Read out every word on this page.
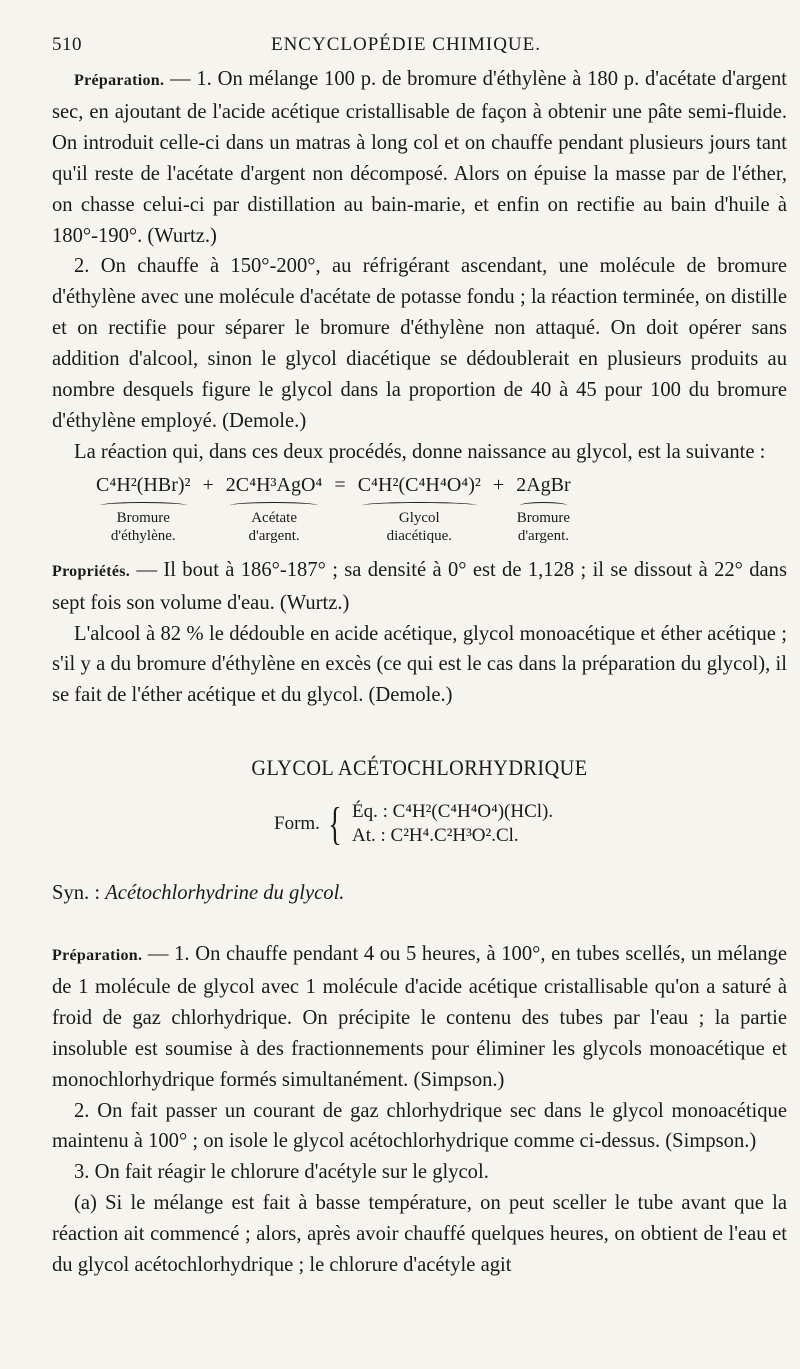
510	ENCYCLOPÉDIE CHIMIQUE.

Préparation. — 1. On mélange 100 p. de bromure d'éthylène à 180 p. d'acétate d'argent sec, en ajoutant de l'acide acétique cristallisable de façon à obtenir une pâte semi-fluide. On introduit celle-ci dans un matras à long col et on chauffe pendant plusieurs jours tant qu'il reste de l'acétate d'argent non décomposé. Alors on épuise la masse par de l'éther, on chasse celui-ci par distillation au bain-marie, et enfin on rectifie au bain d'huile à 180°-190°. (Wurtz.)

2. On chauffe à 150°-200°, au réfrigérant ascendant, une molécule de bromure d'éthylène avec une molécule d'acétate de potasse fondu ; la réaction terminée, on distille et on rectifie pour séparer le bromure d'éthylène non attaqué. On doit opérer sans addition d'alcool, sinon le glycol diacétique se dédoublerait en plusieurs produits au nombre desquels figure le glycol dans la proportion de 40 à 45 pour 100 du bromure d'éthylène employé. (Demole.)

La réaction qui, dans ces deux procédés, donne naissance au glycol, est la suivante :

C⁴H²(HBr)²
Bromure
d'éthylène.
+ 2C⁴H³AgO⁴
Acétate
d'argent.
= C⁴H²(C⁴H⁴O⁴)²
Glycol
diacétique.
+ 2AgBr
Bromure
d'argent.

Propriétés. — Il bout à 186°-187° ; sa densité à 0° est de 1,128 ; il se dissout à 22° dans sept fois son volume d'eau. (Wurtz.)

L'alcool à 82 % le dédouble en acide acétique, glycol monoacétique et éther acétique ; s'il y a du bromure d'éthylène en excès (ce qui est le cas dans la préparation du glycol), il se fait de l'éther acétique et du glycol. (Demole.)

GLYCOL ACÉTOCHLORHYDRIQUE
Form. { Éq. : C⁴H²(C⁴H⁴O⁴)(HCl).
At. : C²H⁴.C²H³O².Cl.

Syn. : Acétochlorhydrine du glycol.

Préparation. — 1. On chauffe pendant 4 ou 5 heures, à 100°, en tubes scellés, un mélange de 1 molécule de glycol avec 1 molécule d'acide acétique cristallisable qu'on a saturé à froid de gaz chlorhydrique. On précipite le contenu des tubes par l'eau ; la partie insoluble est soumise à des fractionnements pour éliminer les glycols monoacétique et monochlorhydrique formés simultanément. (Simpson.)

2. On fait passer un courant de gaz chlorhydrique sec dans le glycol monoacétique maintenu à 100° ; on isole le glycol acétochlorhydrique comme ci-dessus. (Simpson.)

3. On fait réagir le chlorure d'acétyle sur le glycol.

(a) Si le mélange est fait à basse température, on peut sceller le tube avant que la réaction ait commencé ; alors, après avoir chauffé quelques heures, on obtient de l'eau et du glycol acétochlorhydrique ; le chlorure d'acétyle agit
